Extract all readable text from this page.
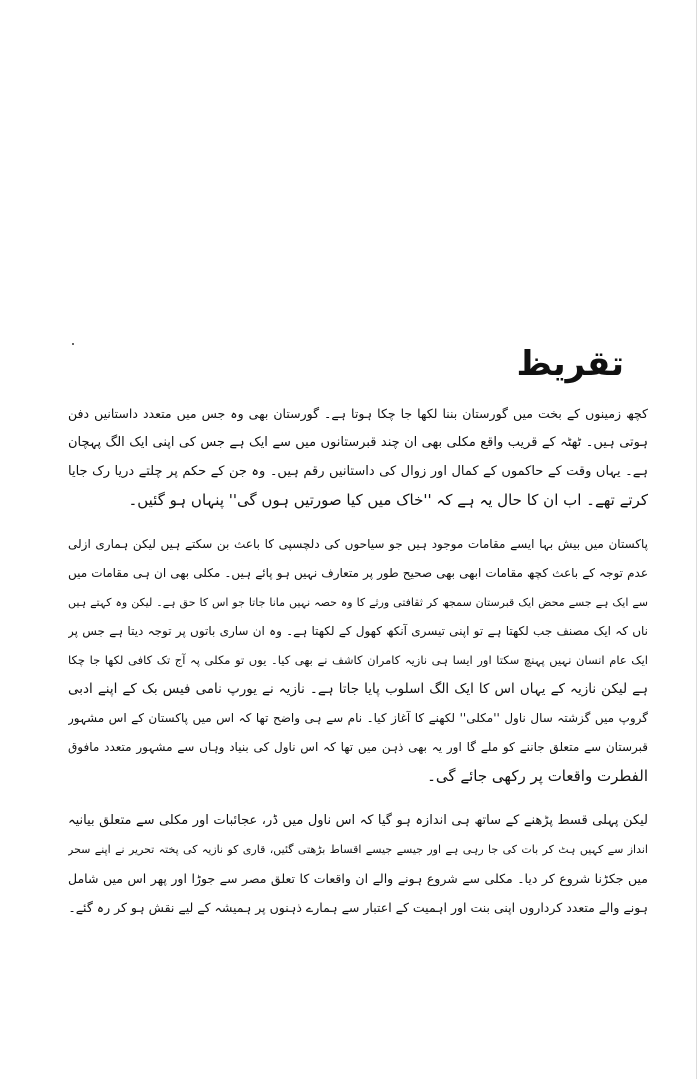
تقریظ
کچھ زمینوں کے بخت میں گورستان بننا لکھا جا چکا ہوتا ہے۔ گورستان بھی وہ جس میں متعدد داستانیں دفن
ہوتی ہیں۔ ٹھٹہ کے قریب واقع مکلی بھی ان چند قبرستانوں میں سے ایک ہے جس کی اپنی ایک الگ پہچان
ہے۔ یہاں وقت کے حاکموں کے کمال اور زوال کی داستانیں رقم ہیں۔ وہ جن کے حکم پر چلتے دریا رک جایا
کرتے تھے۔ اب ان کا حال یہ ہے کہ ''خاک میں کیا صورتیں ہوں گی'' پنہاں ہو گئیں۔
پاکستان میں بیش بہا ایسے مقامات موجود ہیں جو سیاحوں کی دلچسپی کا باعث بن سکتے ہیں لیکن ہماری ازلی
عدم توجہ کے باعث کچھ مقامات ابھی بھی صحیح طور پر متعارف نہیں ہو پائے ہیں۔ مکلی بھی ان ہی مقامات میں
سے ایک ہے جسے محض ایک قبرستان سمجھ کر ثقافتی ورثے کا وہ حصہ نہیں مانا جاتا جو اس کا حق ہے۔ لیکن وہ کہتے ہیں
ناں کہ ایک مصنف جب لکھتا ہے تو اپنی تیسری آنکھ کھول کے لکھتا ہے۔ وہ ان ساری باتوں پر توجہ دیتا ہے جس پر
ایک عام انسان نہیں پہنچ سکتا اور ایسا ہی نازیہ کامران کاشف نے بھی کیا۔ یوں تو مکلی پہ آج تک کافی لکھا جا چکا
ہے لیکن نازیہ کے یہاں اس کا ایک الگ اسلوب پایا جاتا ہے۔ نازیہ نے یورپ نامی فیس بک کے اپنے ادبی
گروپ میں گزشتہ سال ناول ''مکلی'' لکھنے کا آغاز کیا۔ نام سے ہی واضح تھا کہ اس میں پاکستان کے اس مشہور
قبرستان سے متعلق جاننے کو ملے گا اور یہ بھی ذہن میں تھا کہ اس ناول کی بنیاد وہاں سے مشہور متعدد مافوق
الفطرت واقعات پر رکھی جائے گی۔
لیکن پہلی قسط پڑھنے کے ساتھ ہی اندازہ ہو گیا کہ اس ناول میں ڈر، عجائبات اور مکلی سے متعلق بیانیہ
انداز سے کہیں ہٹ کر بات کی جا رہی ہے اور جیسے جیسے اقساط بڑھتی گئیں، قاری کو نازیہ کی پختہ تحریر نے اپنے سحر
میں جکڑنا شروع کر دیا۔ مکلی سے شروع ہونے والے ان واقعات کا تعلق مصر سے جوڑا اور پھر اس میں شامل
ہونے والے متعدد کرداروں اپنی بنت اور اہمیت کے اعتبار سے ہمارے ذہنوں پر ہمیشہ کے لیے نقش ہو کر رہ گئے۔
